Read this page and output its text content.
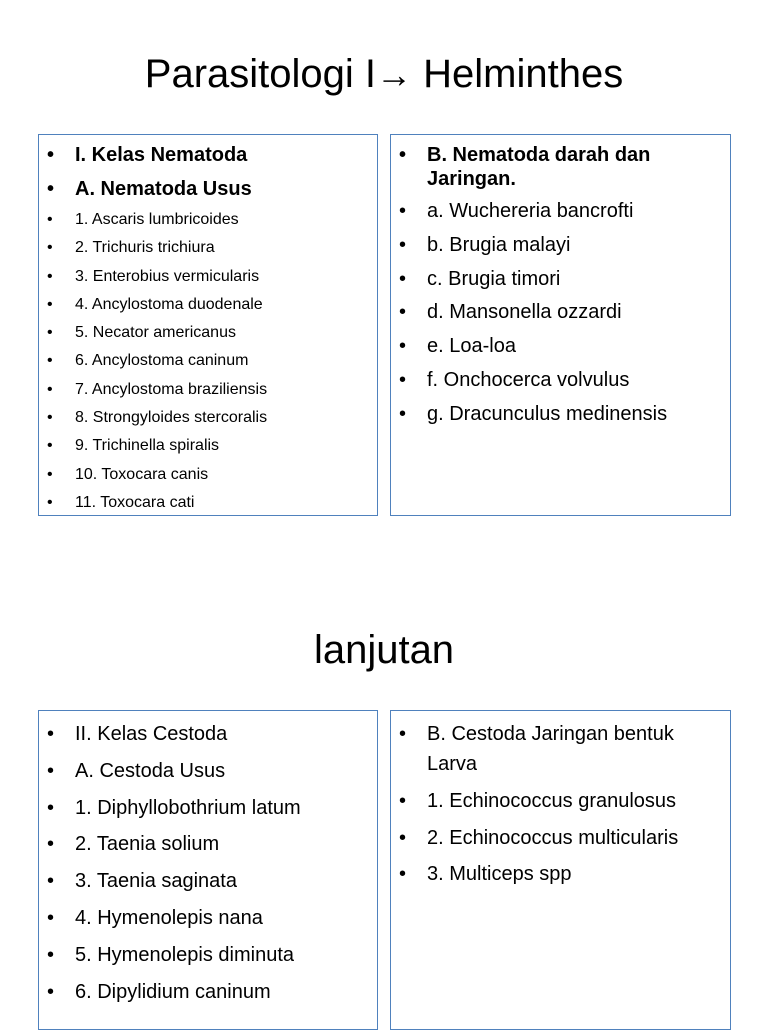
Parasitologi I→ Helminthes
• I. Kelas Nematoda
• A. Nematoda Usus
• 1. Ascaris lumbricoides
• 2. Trichuris trichiura
• 3. Enterobius vermicularis
• 4. Ancylostoma duodenale
• 5. Necator americanus
• 6. Ancylostoma caninum
• 7. Ancylostoma braziliensis
• 8. Strongyloides stercoralis
• 9. Trichinella spiralis
• 10. Toxocara canis
• 11. Toxocara cati
• B. Nematoda darah dan Jaringan.
• a. Wuchereria bancrofti
• b. Brugia malayi
• c. Brugia timori
• d. Mansonella ozzardi
• e. Loa-loa
• f. Onchocerca volvulus
• g. Dracunculus medinensis
lanjutan
• II. Kelas Cestoda
• A. Cestoda Usus
• 1. Diphyllobothrium latum
• 2. Taenia solium
• 3. Taenia saginata
• 4. Hymenolepis nana
• 5. Hymenolepis diminuta
• 6. Dipylidium caninum
• B. Cestoda Jaringan bentuk Larva
• 1. Echinococcus granulosus
• 2. Echinococcus multicularis
• 3. Multiceps spp
